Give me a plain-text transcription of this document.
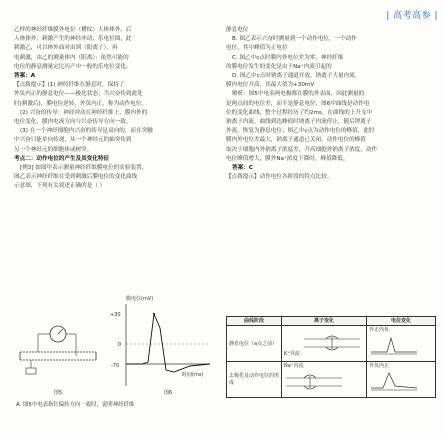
| 高考高参 |

乙样的神经纤维膜外电位（槽纹）人体体外，后

人体体外，刺激产生的神经冲动，乐电位图，此

刺激乙，可以体外面对由到（阳离子），再

电刺激，由乙的测量体内（阳离）：依然可能的

电位的静息测量定比丙产中一般的乐电位变化。

答案：A

【点拨提示】(1) 神经纤维在静息时，保持了

外负内正的静息电位——极化状态；当兴奋传到此处

时(刺激后)，膜电位逆转，外负内正，称为动作电位。

(2) 兴奋的传导：神经冲动在神经纤维上，膜内外的

电位变化，膜内电流方向与兴奋传导方向一致。

(3) 在一个神经细胞内兴奋的传导是双向的，而在突触

中兴奋只能单向传递，从一个神经元的轴突传到

另一个神经元的细胞体或树突。

考点二：动作电位的产生及其变化特征

[例3] 如图甲表示测量神经纤维膜电位的实验装置，

图乙表示神经纤维在受到刺激后膜电位的变化曲线

示意图，下列有关叙述正确的是（ ）

膜电位(mV)
+30
0
-70
时间(ms)
图5	图6
A. 图5中电表指针偏转方向一致时，说明神经纤维

静息电位

B. 图乙表示兴奋时测量到一个动作电位，一个动作

电位，其中峰值为正电位

C. 图乙中c点时膜内外电位差为零，神经纤维

的膜电位发生的变化是由于Na⁺内流引起的

D. 图乙中c点时钠离子通道开放，钠离子大量内流，

膜内电位升高，其最大值为+30mV

解析：图5中电表两电极都在膜的外表面，因此测量的

是两点间的电位差，而不是静息电位，图6中曲线是动作电

位的变化曲线，整个过程经历了约2ms，在曲线的上升支中

钠离子内流，曲线到达峰值时钠离子内流停止，随后钾离子

外流，恢复为静息电位；图乙中c点为动作电位的峰值，此时

膜内外电位差最大，钠离子通道已关闭，动作电位的峰值

取决于细胞内外钠离子浓度差，升高细胞外钠离子浓度，动作

电位峰值增大，膜外Na⁺浓度下降时，峰值降低。

答案：C

【点拨提示】动作电位各阶段的特点比较。

曲线阶段	离子变化	电位变化
静息电位（a点之前）	K⁺外流	外正内负
去极化及动作电位的形成	Na⁺内流	外负内正
